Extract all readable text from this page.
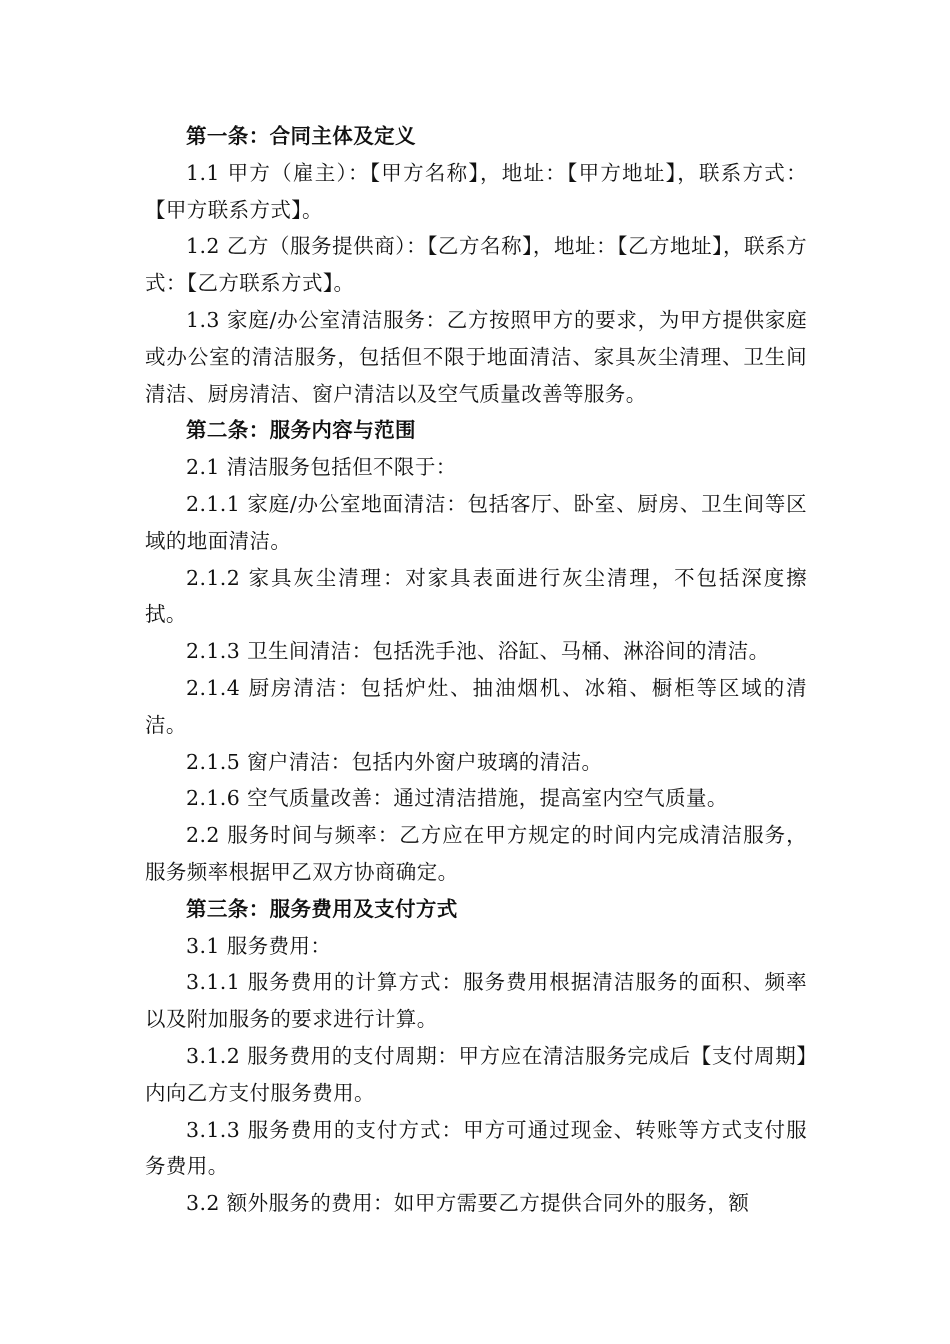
第一条：合同主体及定义

1.1 甲方（雇主）：【甲方名称】，地址：【甲方地址】，联系方式：【甲方联系方式】。

1.2 乙方（服务提供商）：【乙方名称】，地址：【乙方地址】，联系方式：【乙方联系方式】。

1.3 家庭/办公室清洁服务：乙方按照甲方的要求，为甲方提供家庭或办公室的清洁服务，包括但不限于地面清洁、家具灰尘清理、卫生间清洁、厨房清洁、窗户清洁以及空气质量改善等服务。

第二条：服务内容与范围

2.1 清洁服务包括但不限于：

2.1.1 家庭/办公室地面清洁：包括客厅、卧室、厨房、卫生间等区域的地面清洁。

2.1.2 家具灰尘清理：对家具表面进行灰尘清理，不包括深度擦拭。

2.1.3 卫生间清洁：包括洗手池、浴缸、马桶、淋浴间的清洁。

2.1.4 厨房清洁：包括炉灶、抽油烟机、冰箱、橱柜等区域的清洁。

2.1.5 窗户清洁：包括内外窗户玻璃的清洁。

2.1.6 空气质量改善：通过清洁措施，提高室内空气质量。

2.2 服务时间与频率：乙方应在甲方规定的时间内完成清洁服务，服务频率根据甲乙双方协商确定。

第三条：服务费用及支付方式

3.1 服务费用：

3.1.1 服务费用的计算方式：服务费用根据清洁服务的面积、频率以及附加服务的要求进行计算。

3.1.2 服务费用的支付周期：甲方应在清洁服务完成后【支付周期】内向乙方支付服务费用。

3.1.3 服务费用的支付方式：甲方可通过现金、转账等方式支付服务费用。

3.2 额外服务的费用：如甲方需要乙方提供合同外的服务，额
